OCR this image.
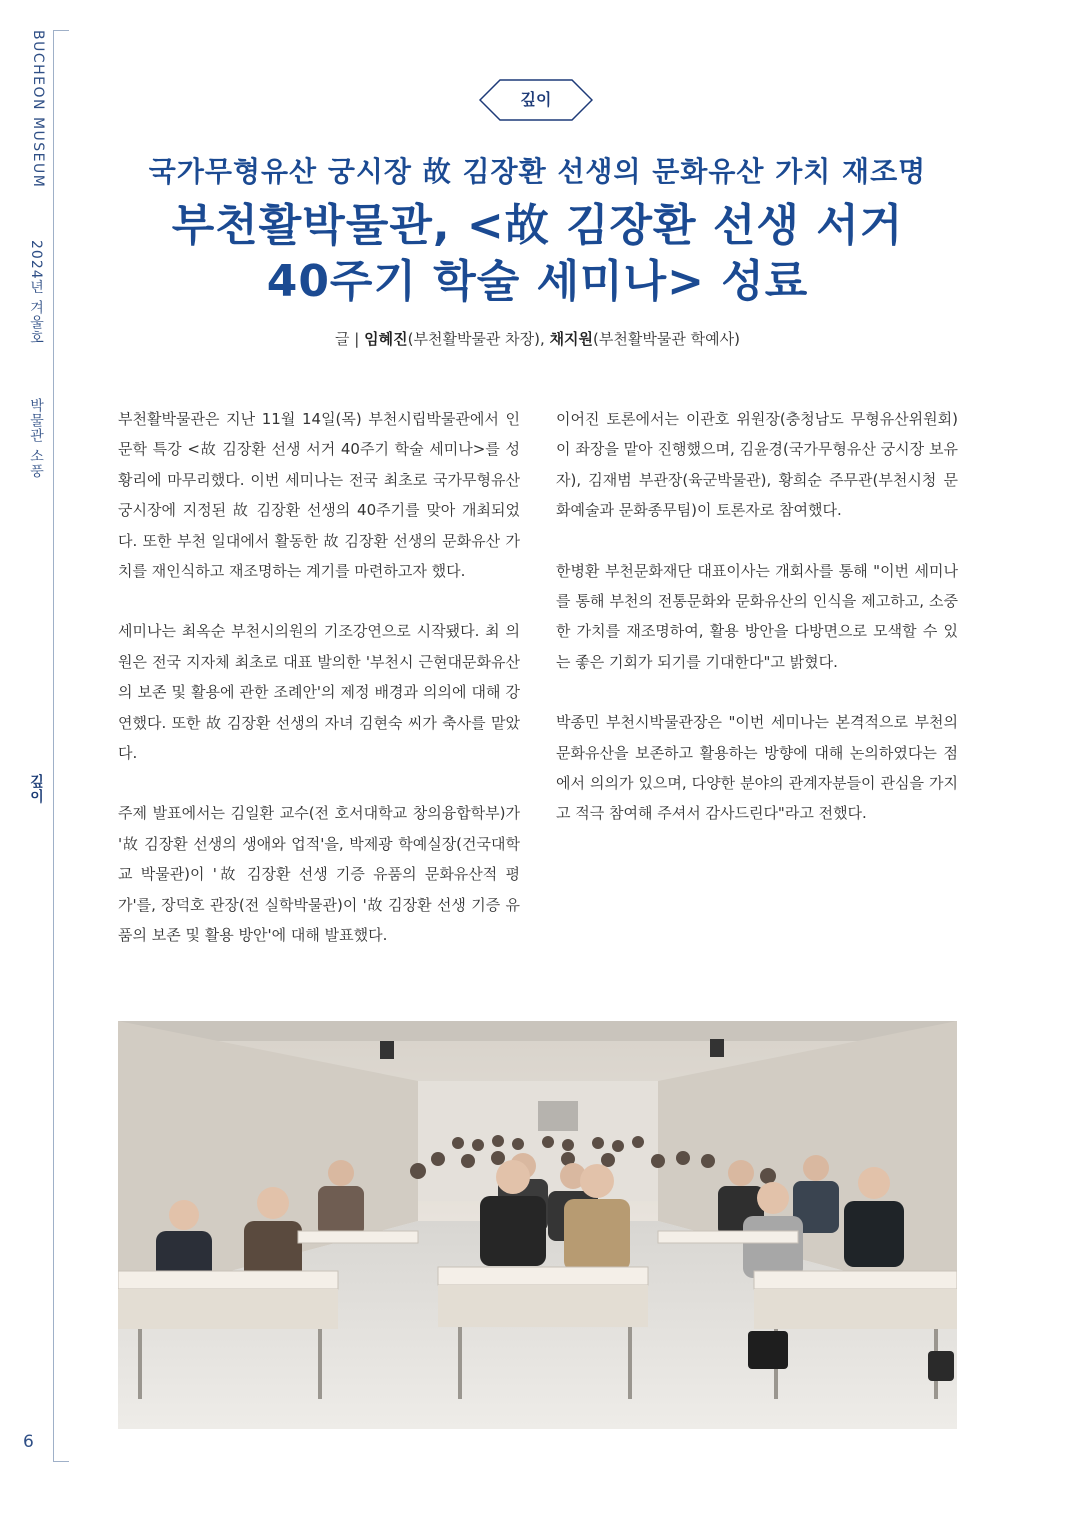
BUCHEON MUSEUM
2024년 겨울호
박물관 소풍
깊이
6
깊이
국가무형유산 궁시장 故 김장환 선생의 문화유산 가치 재조명
부천활박물관, <故 김장환 선생 서거
40주기 학술 세미나> 성료
글 | 임혜진(부천활박물관 차장), 채지원(부천활박물관 학예사)

부천활박물관은 지난 11월 14일(목) 부천시립박물관에서 인문학 특강 <故 김장환 선생 서거 40주기 학술 세미나>를 성황리에 마무리했다. 이번 세미나는 전국 최초로 국가무형유산 궁시장에 지정된 故 김장환 선생의 40주기를 맞아 개최되었다. 또한 부천 일대에서 활동한 故 김장환 선생의 문화유산 가치를 재인식하고 재조명하는 계기를 마련하고자 했다.

세미나는 최옥순 부천시의원의 기조강연으로 시작됐다. 최 의원은 전국 지자체 최초로 대표 발의한 '부천시 근현대문화유산의 보존 및 활용에 관한 조례안'의 제정 배경과 의의에 대해 강연했다. 또한 故 김장환 선생의 자녀 김현숙 씨가 축사를 맡았다.

주제 발표에서는 김일환 교수(전 호서대학교 창의융합학부)가 '故 김장환 선생의 생애와 업적'을, 박제광 학예실장(건국대학교 박물관)이 '故 김장환 선생 기증 유품의 문화유산적 평가'를, 장덕호 관장(전 실학박물관)이 '故 김장환 선생 기증 유품의 보존 및 활용 방안'에 대해 발표했다.

이어진 토론에서는 이관호 위원장(충청남도 무형유산위원회)이 좌장을 맡아 진행했으며, 김윤경(국가무형유산 궁시장 보유자), 김재범 부관장(육군박물관), 황희순 주무관(부천시청 문화예술과 문화종무팀)이 토론자로 참여했다.

한병환 부천문화재단 대표이사는 개회사를 통해 "이번 세미나를 통해 부천의 전통문화와 문화유산의 인식을 제고하고, 소중한 가치를 재조명하여, 활용 방안을 다방면으로 모색할 수 있는 좋은 기회가 되기를 기대한다"고 밝혔다.

박종민 부천시박물관장은 "이번 세미나는 본격적으로 부천의 문화유산을 보존하고 활용하는 방향에 대해 논의하였다는 점에서 의의가 있으며, 다양한 분야의 관계자분들이 관심을 가지고 적극 참여해 주셔서 감사드린다"라고 전했다.
